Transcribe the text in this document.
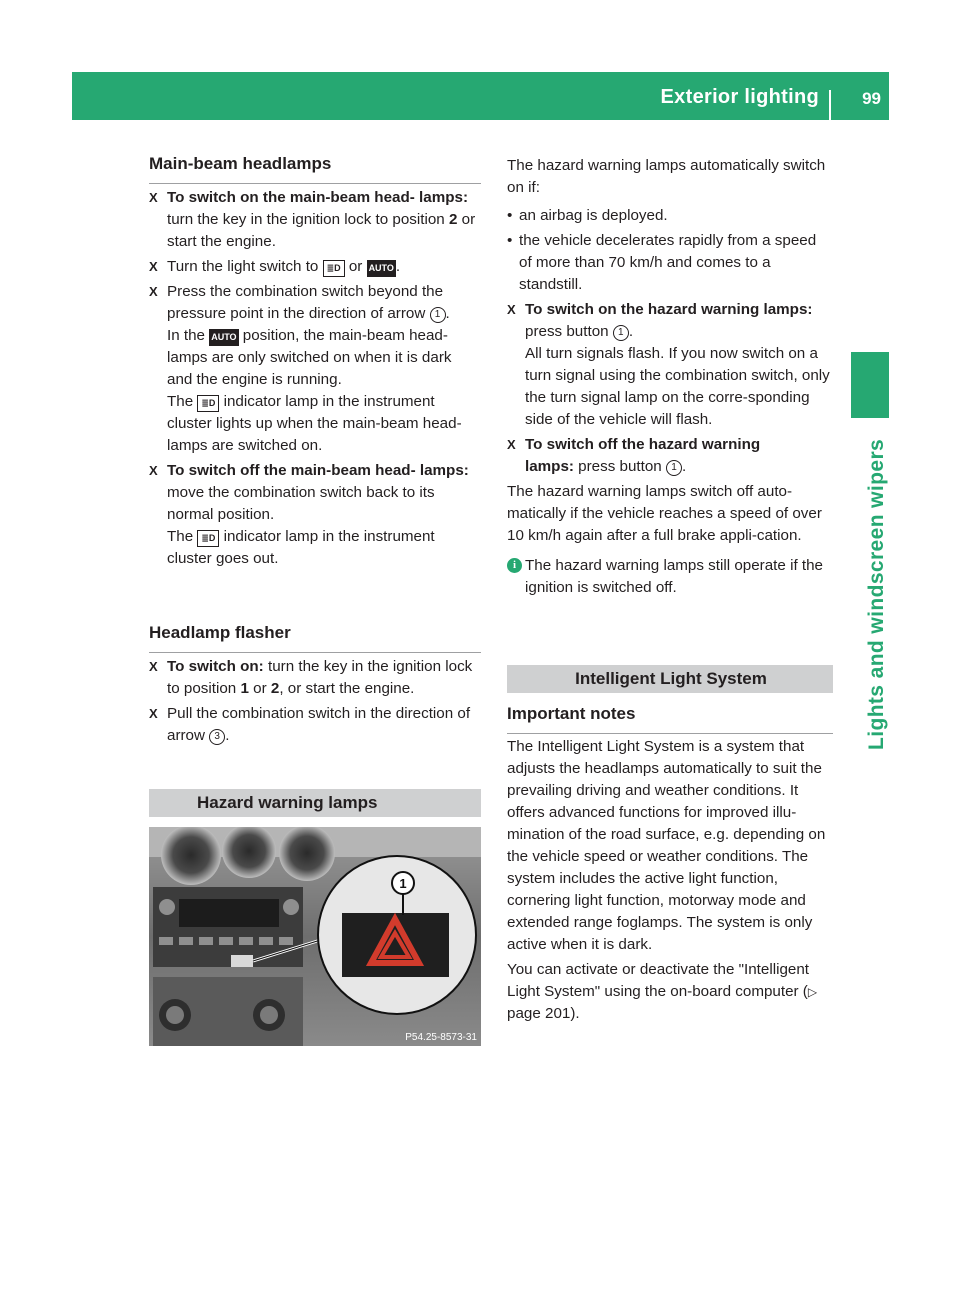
Exterior lighting	99
Lights and windscreen wipers
Main-beam headlamps
X To switch on the main-beam head- lamps: turn the key in the ignition lock to position 2 or start the engine.
X Turn the light switch to ≣D or AUTO .
X Press the combination switch beyond the pressure point in the direction of arrow 1 .
In the AUTO position, the main-beam head-lamps are only switched on when it is dark and the engine is running.
The ≣D indicator lamp in the instrument cluster lights up when the main-beam head-lamps are switched on.
X To switch off the main-beam head- lamps: move the combination switch back to its normal position.
The ≣D indicator lamp in the instrument cluster goes out.
Headlamp flasher
X To switch on: turn the key in the ignition lock to position 1 or 2, or start the engine.
X Pull the combination switch in the direction of arrow 3 .
Hazard warning lamps
1
P54.25-8573-31
The hazard warning lamps automatically switch on if:
• an airbag is deployed.
• the vehicle decelerates rapidly from a speed of more than 70 km/h and comes to a standstill.
X To switch on the hazard warning lamps:
press button 1 .
All turn signals flash. If you now switch on a turn signal using the combination switch, only the turn signal lamp on the corre-sponding side of the vehicle will flash.
X To switch off the hazard warning
lamps: press button 1 .
The hazard warning lamps switch off auto-matically if the vehicle reaches a speed of over 10 km/h again after a full brake appli-cation.
i The hazard warning lamps still operate if the ignition is switched off.
Intelligent Light System
Important notes
The Intelligent Light System is a system that adjusts the headlamps automatically to suit the prevailing driving and weather conditions. It offers advanced functions for improved illu-mination of the road surface, e.g. depending on the vehicle speed or weather conditions. The system includes the active light function, cornering light function, motorway mode and extended range foglamps. The system is only active when it is dark.
You can activate or deactivate the "Intelligent Light System" using the on-board computer (▷ page 201).
